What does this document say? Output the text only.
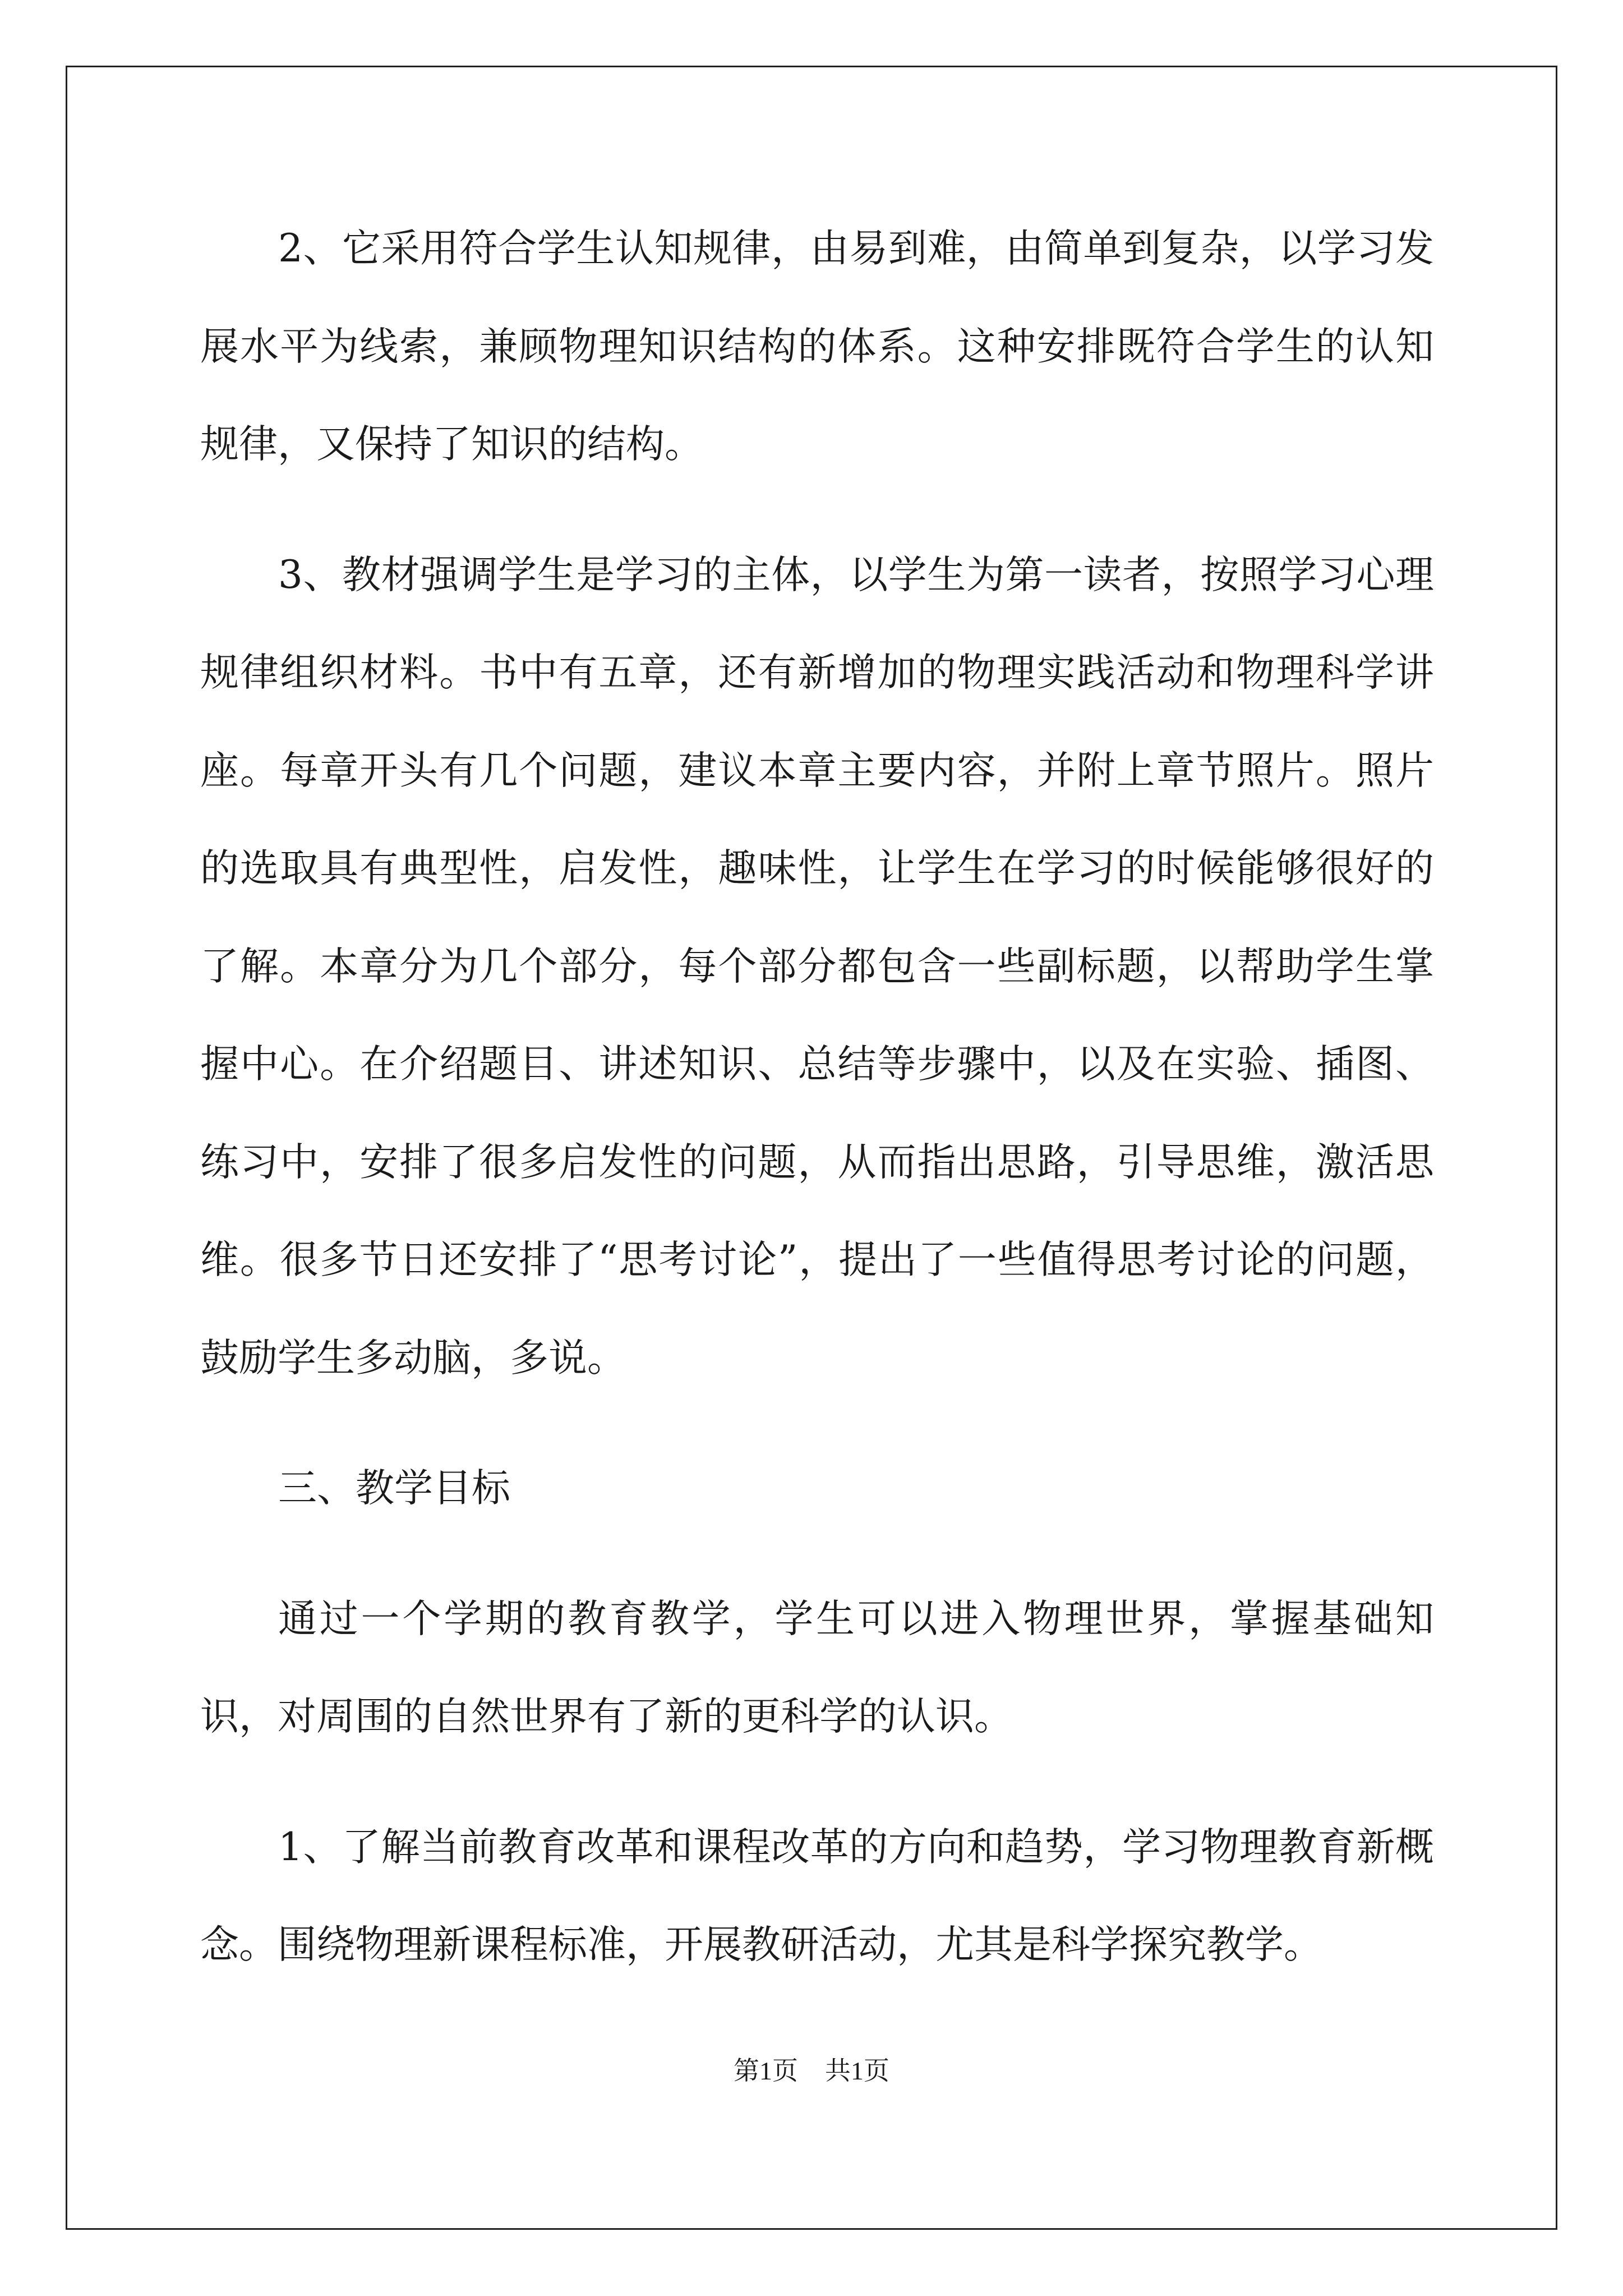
2、它采用符合学生认知规律，由易到难，由简单到复杂，以学习发展水平为线索，兼顾物理知识结构的体系。这种安排既符合学生的认知规律，又保持了知识的结构。

3、教材强调学生是学习的主体，以学生为第一读者，按照学习心理规律组织材料。书中有五章，还有新增加的物理实践活动和物理科学讲座。每章开头有几个问题，建议本章主要内容，并附上章节照片。照片的选取具有典型性，启发性，趣味性，让学生在学习的时候能够很好的了解。本章分为几个部分，每个部分都包含一些副标题，以帮助学生掌握中心。在介绍题目、讲述知识、总结等步骤中，以及在实验、插图、练习中，安排了很多启发性的问题，从而指出思路，引导思维，激活思维。很多节日还安排了“思考讨论”，提出了一些值得思考讨论的问题，鼓励学生多动脑，多说。

三、教学目标

通过一个学期的教育教学，学生可以进入物理世界，掌握基础知识，对周围的自然世界有了新的更科学的认识。

1、了解当前教育改革和课程改革的方向和趋势，学习物理教育新概念。围绕物理新课程标准，开展教研活动，尤其是科学探究教学。

第1页 共1页
